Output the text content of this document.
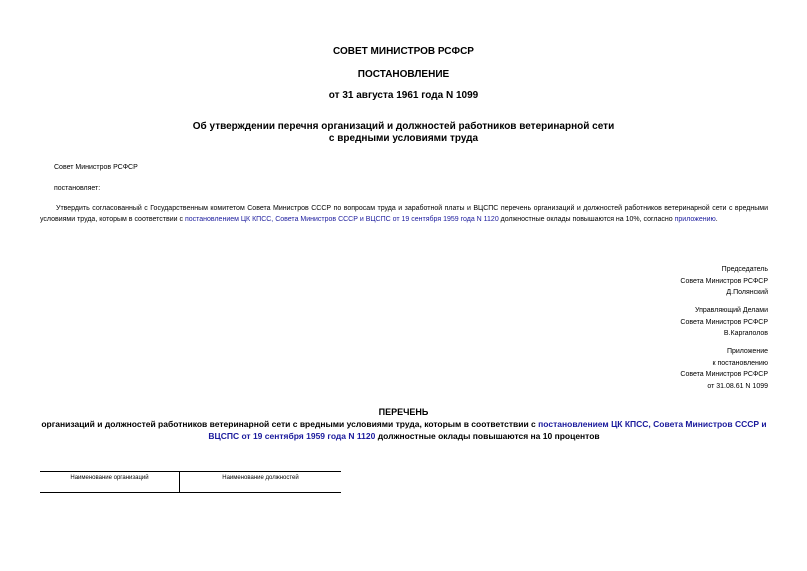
СОВЕТ МИНИСТРОВ РСФСР
ПОСТАНОВЛЕНИЕ
от 31 августа 1961 года N 1099
Об утверждении перечня организаций и должностей работников ветеринарной сети
с вредными условиями труда
Совет Министров РСФСР
постановляет:
Утвердить согласованный с Государственным комитетом Совета Министров СССР по вопросам труда и заработной платы и ВЦСПС перечень организаций и должностей работников ветеринарной сети с вредными условиями труда, которым в соответствии с постановлением ЦК КПСС, Совета Министров СССР и ВЦСПС от 19 сентября 1959 года N 1120 должностные оклады повышаются на 10%, согласно приложению.
Председатель
Совета Министров РСФСР
Д.Полянский
Управляющий Делами
Совета Министров РСФСР
В.Каргаполов
Приложение
к постановлению
Совета Министров РСФСР
от 31.08.61 N 1099
ПЕРЕЧЕНЬ
организаций и должностей работников ветеринарной сети с вредными условиями труда, которым в соответствии с постановлением ЦК КПСС, Совета Министров СССР и ВЦСПС от 19 сентября 1959 года N 1120 должностные оклады повышаются на 10 процентов
Наименование организаций	Наименование должностей
